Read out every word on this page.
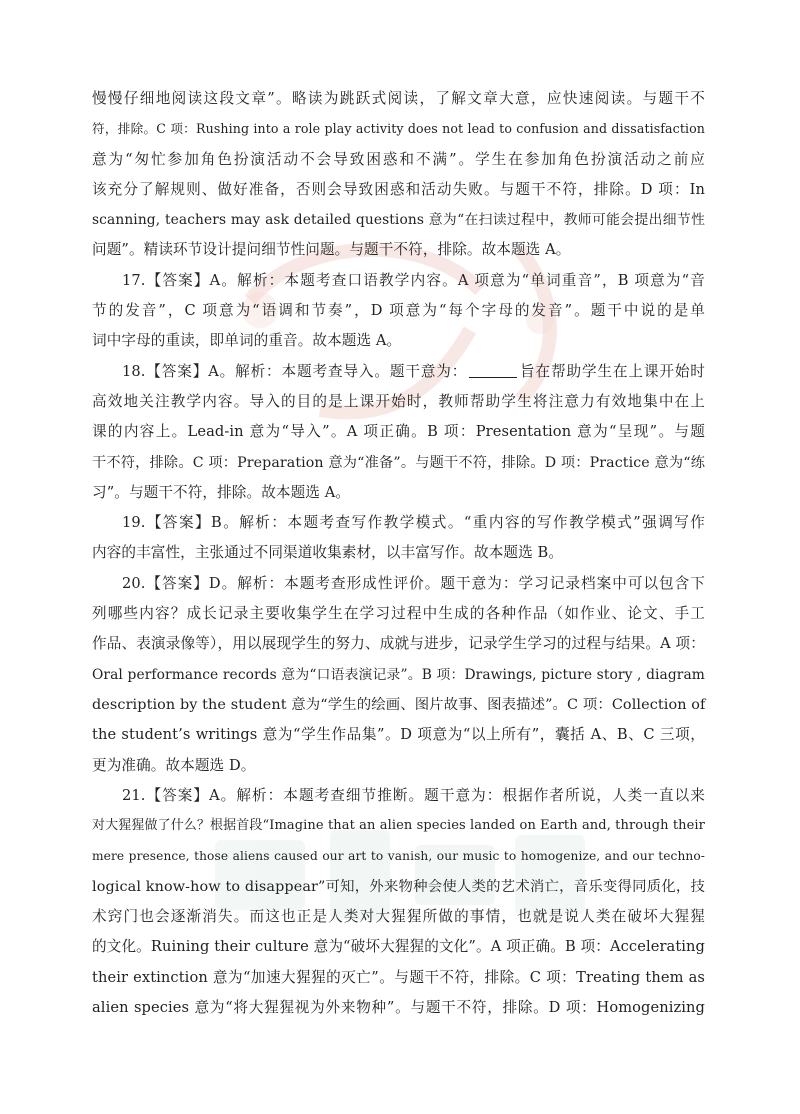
慢慢仔细地阅读这段文章”。略读为跳跃式阅读，了解文章大意，应快速阅读。与题干不
符，排除。C 项：Rushing into a role play activity does not lead to confusion and dissatisfaction
意为“匆忙参加角色扮演活动不会导致困惑和不满”。学生在参加角色扮演活动之前应
该充分了解规则、做好准备，否则会导致困惑和活动失败。与题干不符，排除。D 项：In
scanning, teachers may ask detailed questions 意为“在扫读过程中，教师可能会提出细节性
问题”。精读环节设计提问细节性问题。与题干不符，排除。故本题选 A。
17.【答案】A。解析：本题考查口语教学内容。A 项意为“单词重音”，B 项意为“音
节的发音”，C 项意为“语调和节奏”，D 项意为“每个字母的发音”。题干中说的是单
词中字母的重读，即单词的重音。故本题选 A。
18.【答案】A。解析：本题考查导入。题干意为：	旨在帮助学生在上课开始时
高效地关注教学内容。导入的目的是上课开始时，教师帮助学生将注意力有效地集中在上
课的内容上。Lead-in 意为“导入”。A 项正确。B 项：Presentation 意为“呈现”。与题
干不符，排除。C 项：Preparation 意为“准备”。与题干不符，排除。D 项：Practice 意为“练
习”。与题干不符，排除。故本题选 A。
19.【答案】B。解析：本题考查写作教学模式。“重内容的写作教学模式”强调写作
内容的丰富性，主张通过不同渠道收集素材，以丰富写作。故本题选 B。
20.【答案】D。解析：本题考查形成性评价。题干意为：学习记录档案中可以包含下
列哪些内容？成长记录主要收集学生在学习过程中生成的各种作品（如作业、论文、手工
作品、表演录像等），用以展现学生的努力、成就与进步，记录学生学习的过程与结果。A 项：
Oral performance records 意为“口语表演记录”。B 项：Drawings, picture story , diagram
description by the student 意为“学生的绘画、图片故事、图表描述”。C 项：Collection of
the student’s writings 意为“学生作品集”。D 项意为“以上所有”，囊括 A、B、C 三项，
更为准确。故本题选 D。
21.【答案】A。解析：本题考查细节推断。题干意为：根据作者所说，人类一直以来
对大猩猩做了什么？根据首段“Imagine that an alien species landed on Earth and, through their
mere presence, those aliens caused our art to vanish, our music to homogenize, and our techno-
logical know-how to disappear”可知，外来物种会使人类的艺术消亡，音乐变得同质化，技
术窍门也会逐渐消失。而这也正是人类对大猩猩所做的事情，也就是说人类在破坏大猩猩
的文化。Ruining their culture 意为“破坏大猩猩的文化”。A 项正确。B 项：Accelerating
their extinction 意为“加速大猩猩的灭亡”。与题干不符，排除。C 项：Treating them as
alien species 意为“将大猩猩视为外来物种”。与题干不符，排除。D 项：Homogenizing
